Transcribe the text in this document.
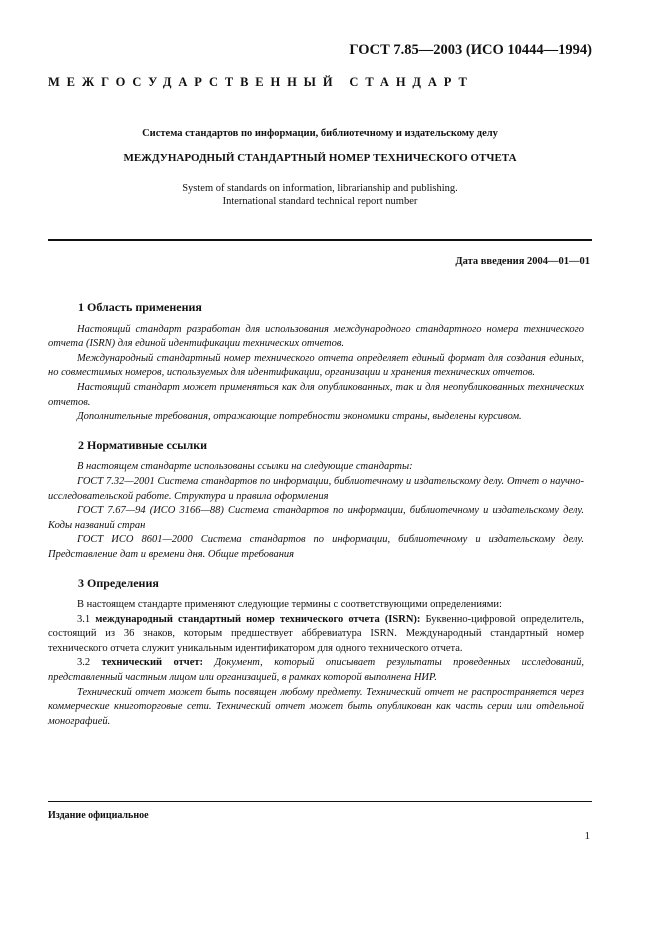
ГОСТ 7.85—2003 (ИСО 10444—1994)
МЕЖГОСУДАРСТВЕННЫЙ СТАНДАРТ
Система стандартов по информации, библиотечному и издательскому делу
МЕЖДУНАРОДНЫЙ СТАНДАРТНЫЙ НОМЕР ТЕХНИЧЕСКОГО ОТЧЕТА
System of standards on information, librarianship and publishing.
International standard technical report number
Дата введения 2004—01—01
1 Область применения

Настоящий стандарт разработан для использования международного стандартного номера технического отчета (ISRN) для единой идентификации технических отчетов.

Международный стандартный номер технического отчета определяет единый формат для создания единых, но совместимых номеров, используемых для идентификации, организации и хранения технических отчетов.

Настоящий стандарт может применяться как для опубликованных, так и для неопубликованных технических отчетов.

Дополнительные требования, отражающие потребности экономики страны, выделены курсивом.

2 Нормативные ссылки

В настоящем стандарте использованы ссылки на следующие стандарты:

ГОСТ 7.32—2001 Система стандартов по информации, библиотечному и издательскому делу. Отчет о научно-исследовательской работе. Структура и правила оформления

ГОСТ 7.67—94 (ИСО 3166—88) Система стандартов по информации, библиотечному и издательскому делу. Коды названий стран

ГОСТ ИСО 8601—2000 Система стандартов по информации, библиотечному и издательскому делу. Представление дат и времени дня. Общие требования

3 Определения

В настоящем стандарте применяют следующие термины с соответствующими определениями:

3.1 международный стандартный номер технического отчета (ISRN): Буквенно-цифровой определитель, состоящий из 36 знаков, которым предшествует аббревиатура ISRN. Международный стандартный номер технического отчета служит уникальным идентификатором для одного технического отчета.

3.2 технический отчет: Документ, который описывает результаты проведенных исследований, представленный частным лицом или организацией, в рамках которой выполнена НИР.

Технический отчет может быть посвящен любому предмету. Технический отчет не распространяется через коммерческие книготорговые сети. Технический отчет может быть опубликован как часть серии или отдельной монографией.

Издание официальное
1
